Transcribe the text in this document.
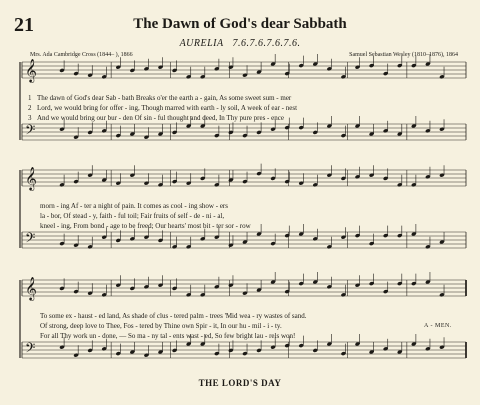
21	The Dawn of God's dear Sabbath
AURELIA 7.6.7.6.7.6.7.6.
Mrs. Ada Cambridge Cross (1844– ), 1866	Samuel Sebastian Wesley (1810–1876), 1864
𝄞
𝄢
𝄞
𝄢
𝄞
𝄢
1 The dawn of God's dear Sab - bath Breaks o'er the earth a - gain, As some sweet sum - mer
2 Lord, we would bring for offer - ing, Though marred with earth - ly soil, A week of ear - nest
3 And we would bring our bur - den Of sin - ful thought and deed, In Thy pure pres - ence
morn - ing Af - ter a night of pain. It comes as cool - ing show - ers
la - bor, Of stead - y, faith - ful toil; Fair fruits of self - de - ni - al,
kneel - ing, From bond - age to be freed; Our hearts' most bit - ter sor - row
To some ex - haust - ed land, As shade of clus - tered palm - trees 'Mid wea - ry wastes of sand.
Of strong, deep love to Thee, Fos - tered by Thine own Spir - it, In our hu - mil - i - ty.
For all Thy work un - done, — So ma - ny tal - ents wast - ed, So few bright lau - rels won!
A - MEN.
THE LORD'S DAY
